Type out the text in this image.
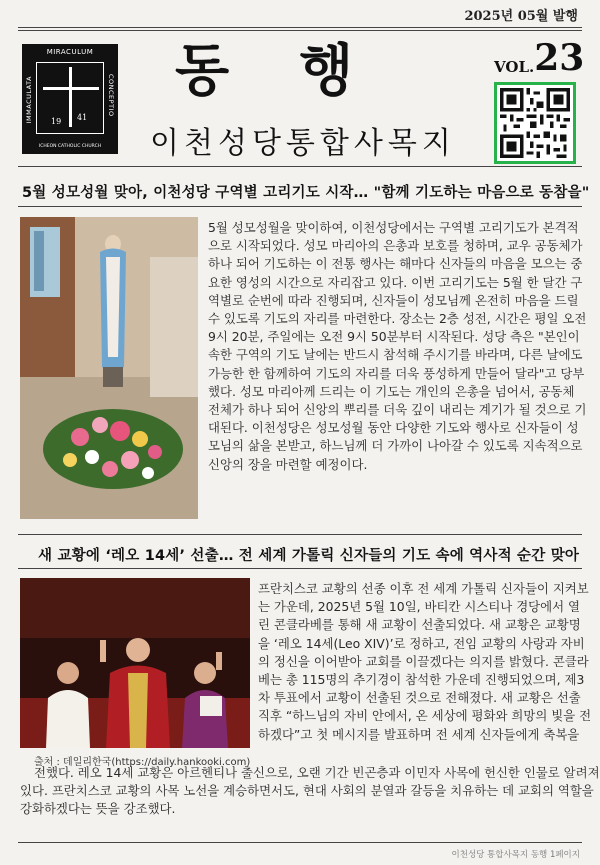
2025년 05월 발행
19 41
MIRACULUM
IMMACULATA	CONCEPTIO
ICHEON CATHOLIC CHURCH
동행
이천성당통합사목지
VOL.23
5월 성모성월 맞아, 이천성당 구역별 고리기도 시작… "함께 기도하는 마음으로 동참을"
5월 성모성월을 맞이하여, 이천성당에서는 구역별 고리기도가 본격적
으로 시작되었다. 성모 마리아의 은총과 보호를 청하며, 교우 공동체가
하나 되어 기도하는 이 전통 행사는 해마다 신자들의 마음을 모으는 중
요한 영성의 시간으로 자리잡고 있다. 이번 고리기도는 5월 한 달간 구
역별로 순번에 따라 진행되며, 신자들이 성모님께 온전히 마음을 드릴
수 있도록 기도의 자리를 마련한다. 장소는 2층 성전, 시간은 평일 오전
9시 20분, 주일에는 오전 9시 50분부터 시작된다. 성당 측은 "본인이
속한 구역의 기도 날에는 반드시 참석해 주시기를 바라며, 다른 날에도
가능한 한 함께하여 기도의 자리를 더욱 풍성하게 만들어 달라"고 당부
했다. 성모 마리아께 드리는 이 기도는 개인의 은총을 넘어서, 공동체
전체가 하나 되어 신앙의 뿌리를 더욱 깊이 내리는 계기가 될 것으로 기
대된다. 이천성당은 성모성월 동안 다양한 기도와 행사로 신자들이 성
모님의 삶을 본받고, 하느님께 더 가까이 나아갈 수 있도록 지속적으로
신앙의 장을 마련할 예정이다.
새 교황에 ‘레오 14세’ 선출… 전 세계 가톨릭 신자들의 기도 속에 역사적 순간 맞아
출처 : 데일리한국(https://daily.hankooki.com)
프란치스코 교황의 선종 이후 전 세계 가톨릭 신자들이 지켜보
는 가운데, 2025년 5월 10일, 바티칸 시스티나 경당에서 열
린 콘클라베를 통해 새 교황이 선출되었다. 새 교황은 교황명
을 ‘레오 14세(Leo XIV)’로 정하고, 전임 교황의 사랑과 자비
의 정신을 이어받아 교회를 이끌겠다는 의지를 밝혔다. 콘클라
베는 총 115명의 추기경이 참석한 가운데 진행되었으며, 제3
차 투표에서 교황이 선출된 것으로 전해졌다. 새 교황은 선출
직후 “하느님의 자비 안에서, 온 세상에 평화와 희망의 빛을 전
하겠다”고 첫 메시지를 발표하며 전 세계 신자들에게 축복을
전했다. 레오 14세 교황은 아르헨티나 출신으로, 오랜 기간 빈곤층과 이민자 사목에 헌신한 인물로 알려져
있다. 프란치스코 교황의 사목 노선을 계승하면서도, 현대 사회의 분열과 갈등을 치유하는 데 교회의 역할을
강화하겠다는 뜻을 강조했다.
이천성당 통합사목지 동행 1페이지
